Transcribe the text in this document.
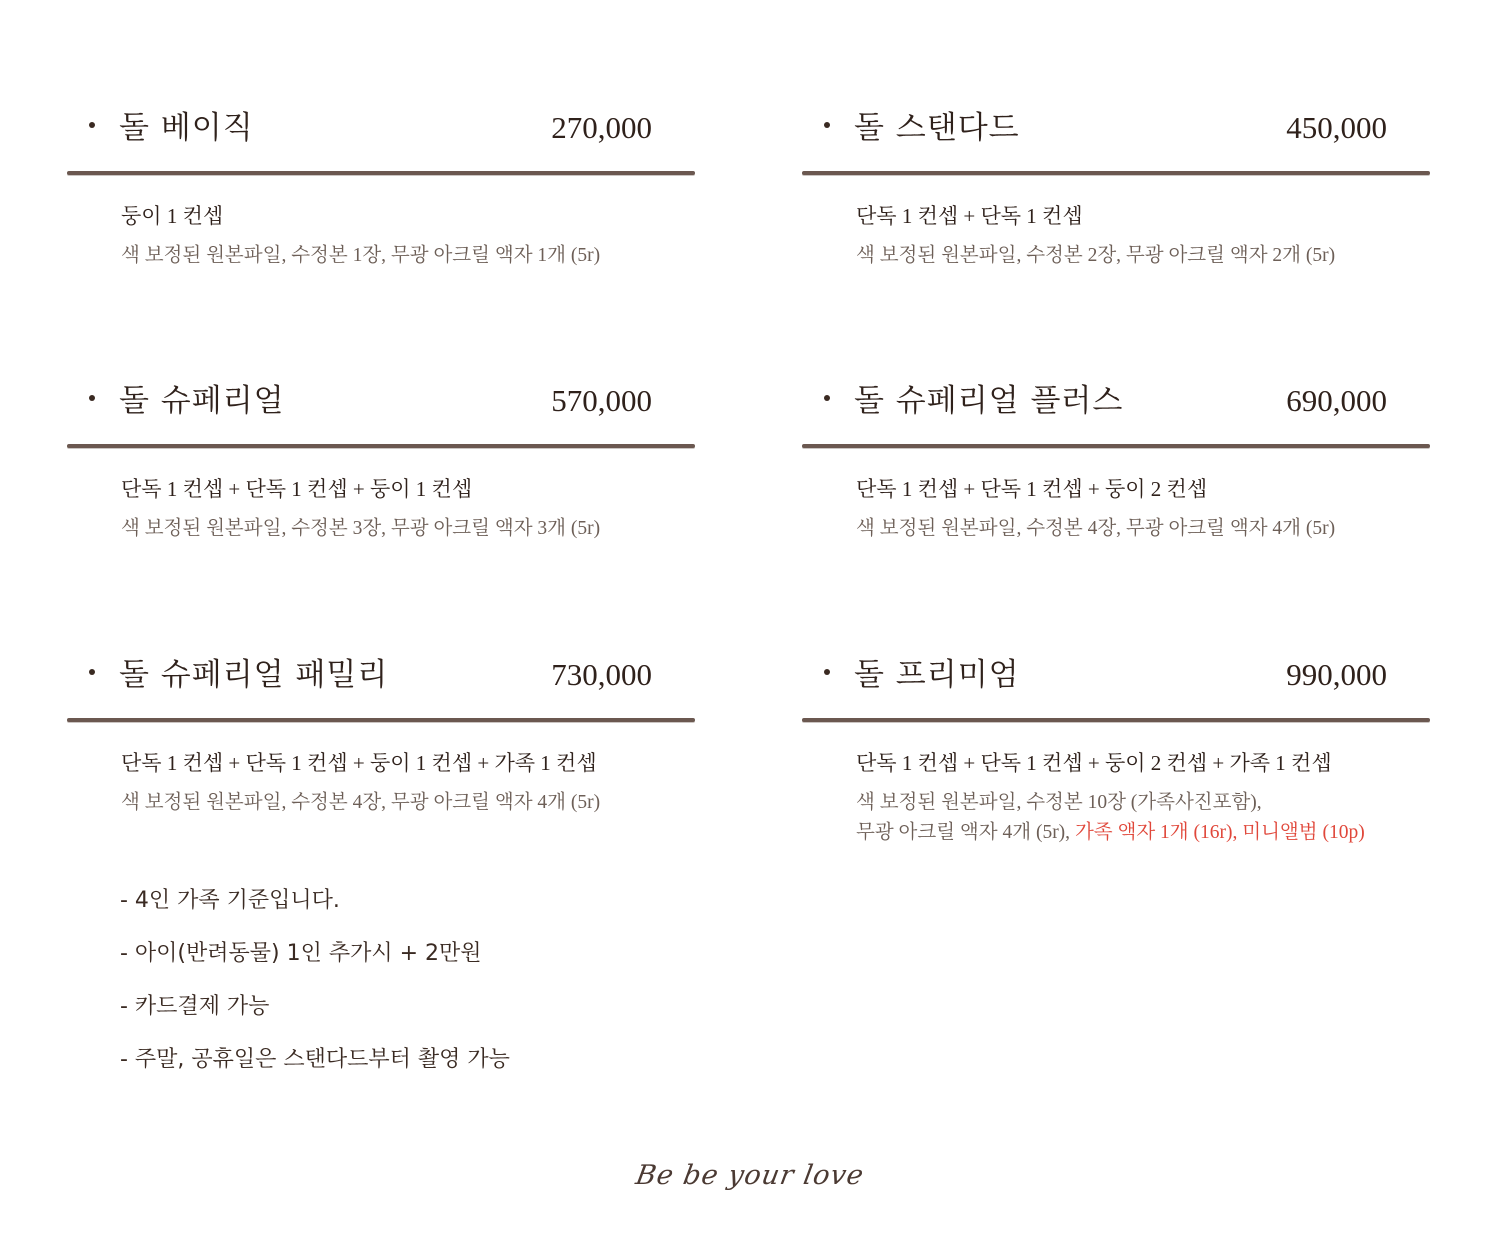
돌 베이직	270,000
둥이 1 컨셉
색 보정된 원본파일, 수정본 1장, 무광 아크릴 액자 1개 (5r)
돌 스탠다드	450,000
단독 1 컨셉 + 단독 1 컨셉
색 보정된 원본파일, 수정본 2장, 무광 아크릴 액자 2개 (5r)
돌 슈페리얼	570,000
단독 1 컨셉 + 단독 1 컨셉 + 둥이 1 컨셉
색 보정된 원본파일, 수정본 3장, 무광 아크릴 액자 3개 (5r)
돌 슈페리얼 플러스	690,000
단독 1 컨셉 + 단독 1 컨셉 + 둥이 2 컨셉
색 보정된 원본파일, 수정본 4장, 무광 아크릴 액자 4개 (5r)
돌 슈페리얼 패밀리	730,000
단독 1 컨셉 + 단독 1 컨셉 + 둥이 1 컨셉 + 가족 1 컨셉
색 보정된 원본파일, 수정본 4장, 무광 아크릴 액자 4개 (5r)
돌 프리미엄	990,000
단독 1 컨셉 + 단독 1 컨셉 + 둥이 2 컨셉 + 가족 1 컨셉
색 보정된 원본파일, 수정본 10장 (가족사진포함),
무광 아크릴 액자 4개 (5r), 가족 액자 1개 (16r), 미니앨범 (10p)
- 4인 가족 기준입니다.
- 아이(반려동물) 1인 추가시 + 2만원
- 카드결제 가능
- 주말, 공휴일은 스탠다드부터 촬영 가능
Be be your love
